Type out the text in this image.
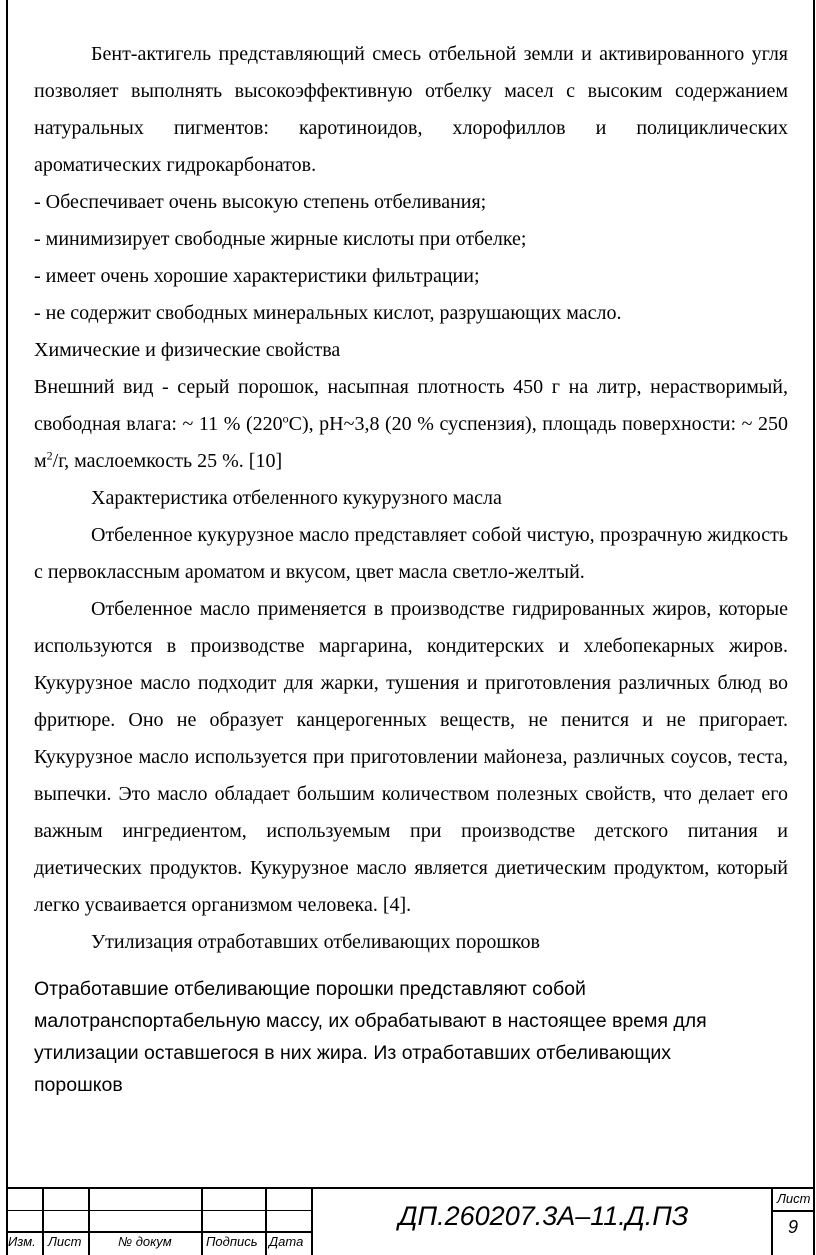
Бент-актигель представляющий смесь отбельной земли и активированного угля позволяет выполнять высокоэффективную отбелку масел с высоким содержанием натуральных пигментов: каротиноидов, хлорофиллов и полициклических ароматических гидрокарбонатов.

- Обеспечивает очень высокую степень отбеливания;

- минимизирует свободные жирные кислоты при отбелке;

- имеет очень хорошие характеристики фильтрации;

- не содержит свободных минеральных кислот, разрушающих масло.

Химические и физические свойства

Внешний вид - серый порошок, насыпная плотность 450 г на литр, нерастворимый, свободная влага: ~ 11 % $(220^оС)$, pH~3,8 (20 % суспензия), площадь поверхности: ~ 250 $м^2/г$, маслоемкость 25 %. [10]

Характеристика отбеленного кукурузного масла

Отбеленное кукурузное масло представляет собой чистую, прозрачную жидкость с первоклассным ароматом и вкусом, цвет масла светло-желтый.

Отбеленное масло применяется в производстве гидрированных жиров, которые используются в производстве маргарина, кондитерских и хлебопекарных жиров. Кукурузное масло подходит для жарки, тушения и приготовления различных блюд во фритюре. Оно не образует канцерогенных веществ, не пенится и не пригорает. Кукурузное масло используется при приготовлении майонеза, различных соусов, теста, выпечки. Это масло обладает большим количеством полезных свойств, что делает его важным ингредиентом, используемым при производстве детского питания и диетических продуктов. Кукурузное масло является диетическим продуктом, который легко усваивается организмом человека. [4].

Утилизация отработавших отбеливающих порошков

Отработавшие отбеливающие порошки представляют собой малотранспортабельную массу, их обрабатывают в настоящее время для утилизации оставшегося в них жира. Из отработавших отбеливающих порошков

Изм. Лист	№ докум	Подпись Дата
Лист
ДП.260207.3А–11.Д.ПЗ	9
